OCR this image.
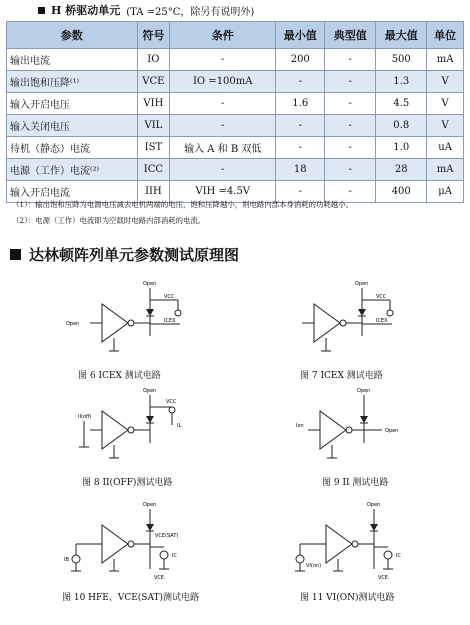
H 桥驱动单元 (TA =25°C，除另有说明外)
参数	符号	条件	最小值	典型值	最大值	单位
输出电流	IO	-	200	-	500	mA
输出饱和压降⁽¹⁾	VCE	IO =100mA	-	-	1.3	V
输入开启电压	VIH	-	1.6	-	4.5	V
输入关闭电压	VIL	-	-	-	0.8	V
待机（静态）电流	IST	输入 A 和 B 双低	-	-	1.0	uA
电源（工作）电流⁽²⁾	ICC	-	18	-	28	mA
输入开启电流	IIH	VIH =4.5V	-	-	400	μA
（1）：输出饱和压降为电源电压减去电机两端的电压，饱和压降越小，则电路内部本身消耗的功耗越小。
（2）：电源（工作）电流即为空载时电路内部消耗的电流。
达林顿阵列单元参数测试原理图
Open
VCC
ICEX
Open
图 6 ICEX 测试电路
Open
VCC
ICEX
图 7 ICEX 测试电路
Open
VCC
IL
II(off)
图 8 II(OFF)测试电路
Open
Open
Ion
图 9 II 测试电路
Open
VCE(SAT)
IB
VCE
IC
图 10 HFE、VCE(SAT)测试电路
Open
VI(on)
VCE
IC
图 11 VI(ON)测试电路
